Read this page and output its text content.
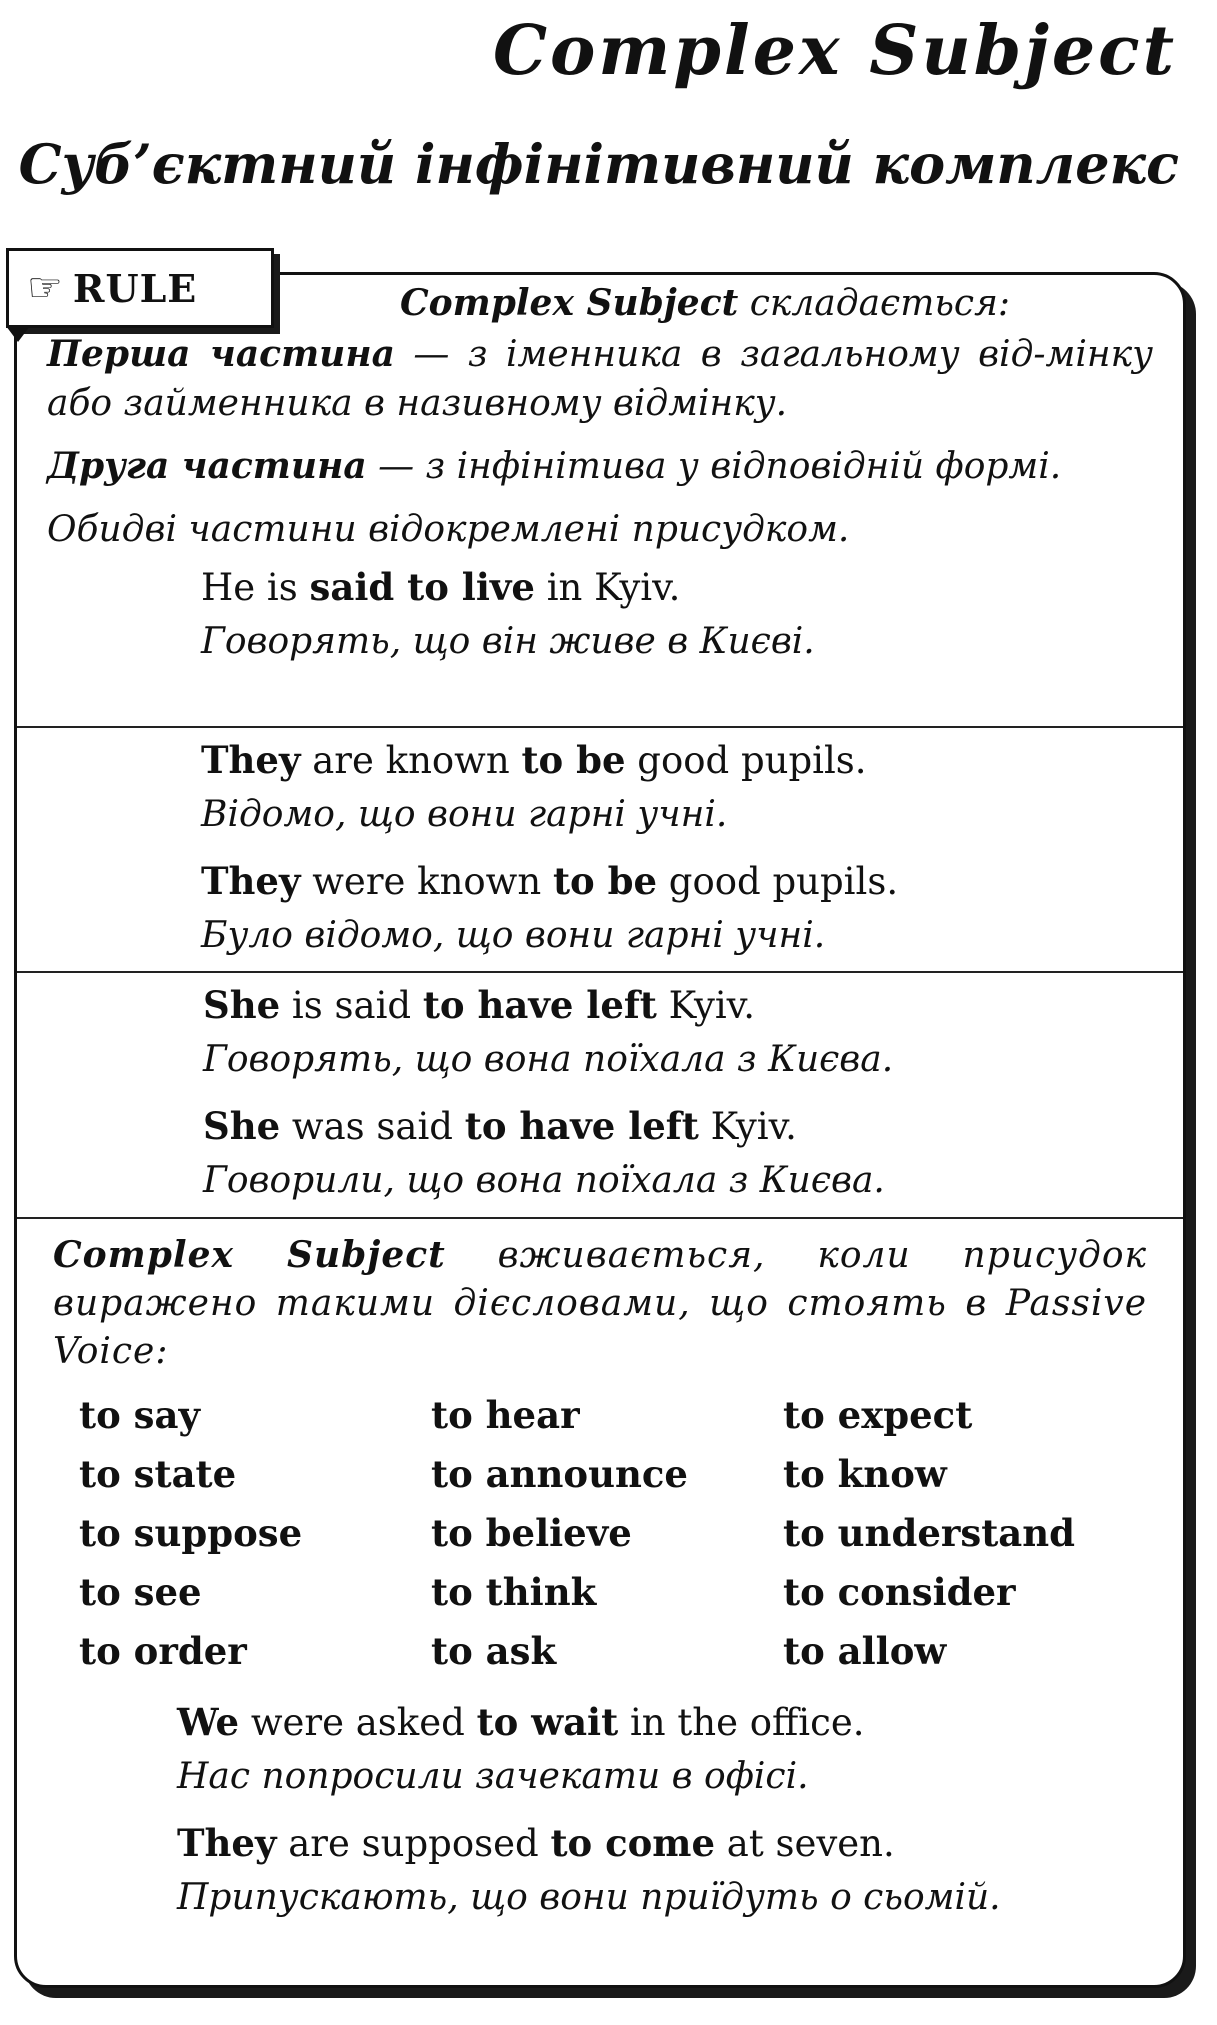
Complex Subject
Суб’єктний інфінітивний комплекс
☞ RULE	Complex Subject складається:

Перша частина — з іменника в загальному від-мінку або займенника в називному відмінку.

Друга частина — з інфінітива у відповідній формі.

Обидві частини відокремлені присудком.

He is said to live in Kyiv.

Говорять, що він живе в Києві.

They are known to be good pupils.

Відомо, що вони гарні учні.

They were known to be good pupils.

Було відомо, що вони гарні учні.

She is said to have left Kyiv.

Говорять, що вона поїхала з Києва.

She was said to have left Kyiv.

Говорили, що вона поїхала з Києва.

Complex Subject вживається, коли присудок виражено такими дієсловами, що стоять в Passive Voice:

to say	to hear	to expect
to state	to announce	to know
to suppose	to believe	to understand
to see	to think	to consider
to order	to ask	to allow

We were asked to wait in the office.

Нас попросили зачекати в офісі.

They are supposed to come at seven.

Припускають, що вони приїдуть о сьомій.
